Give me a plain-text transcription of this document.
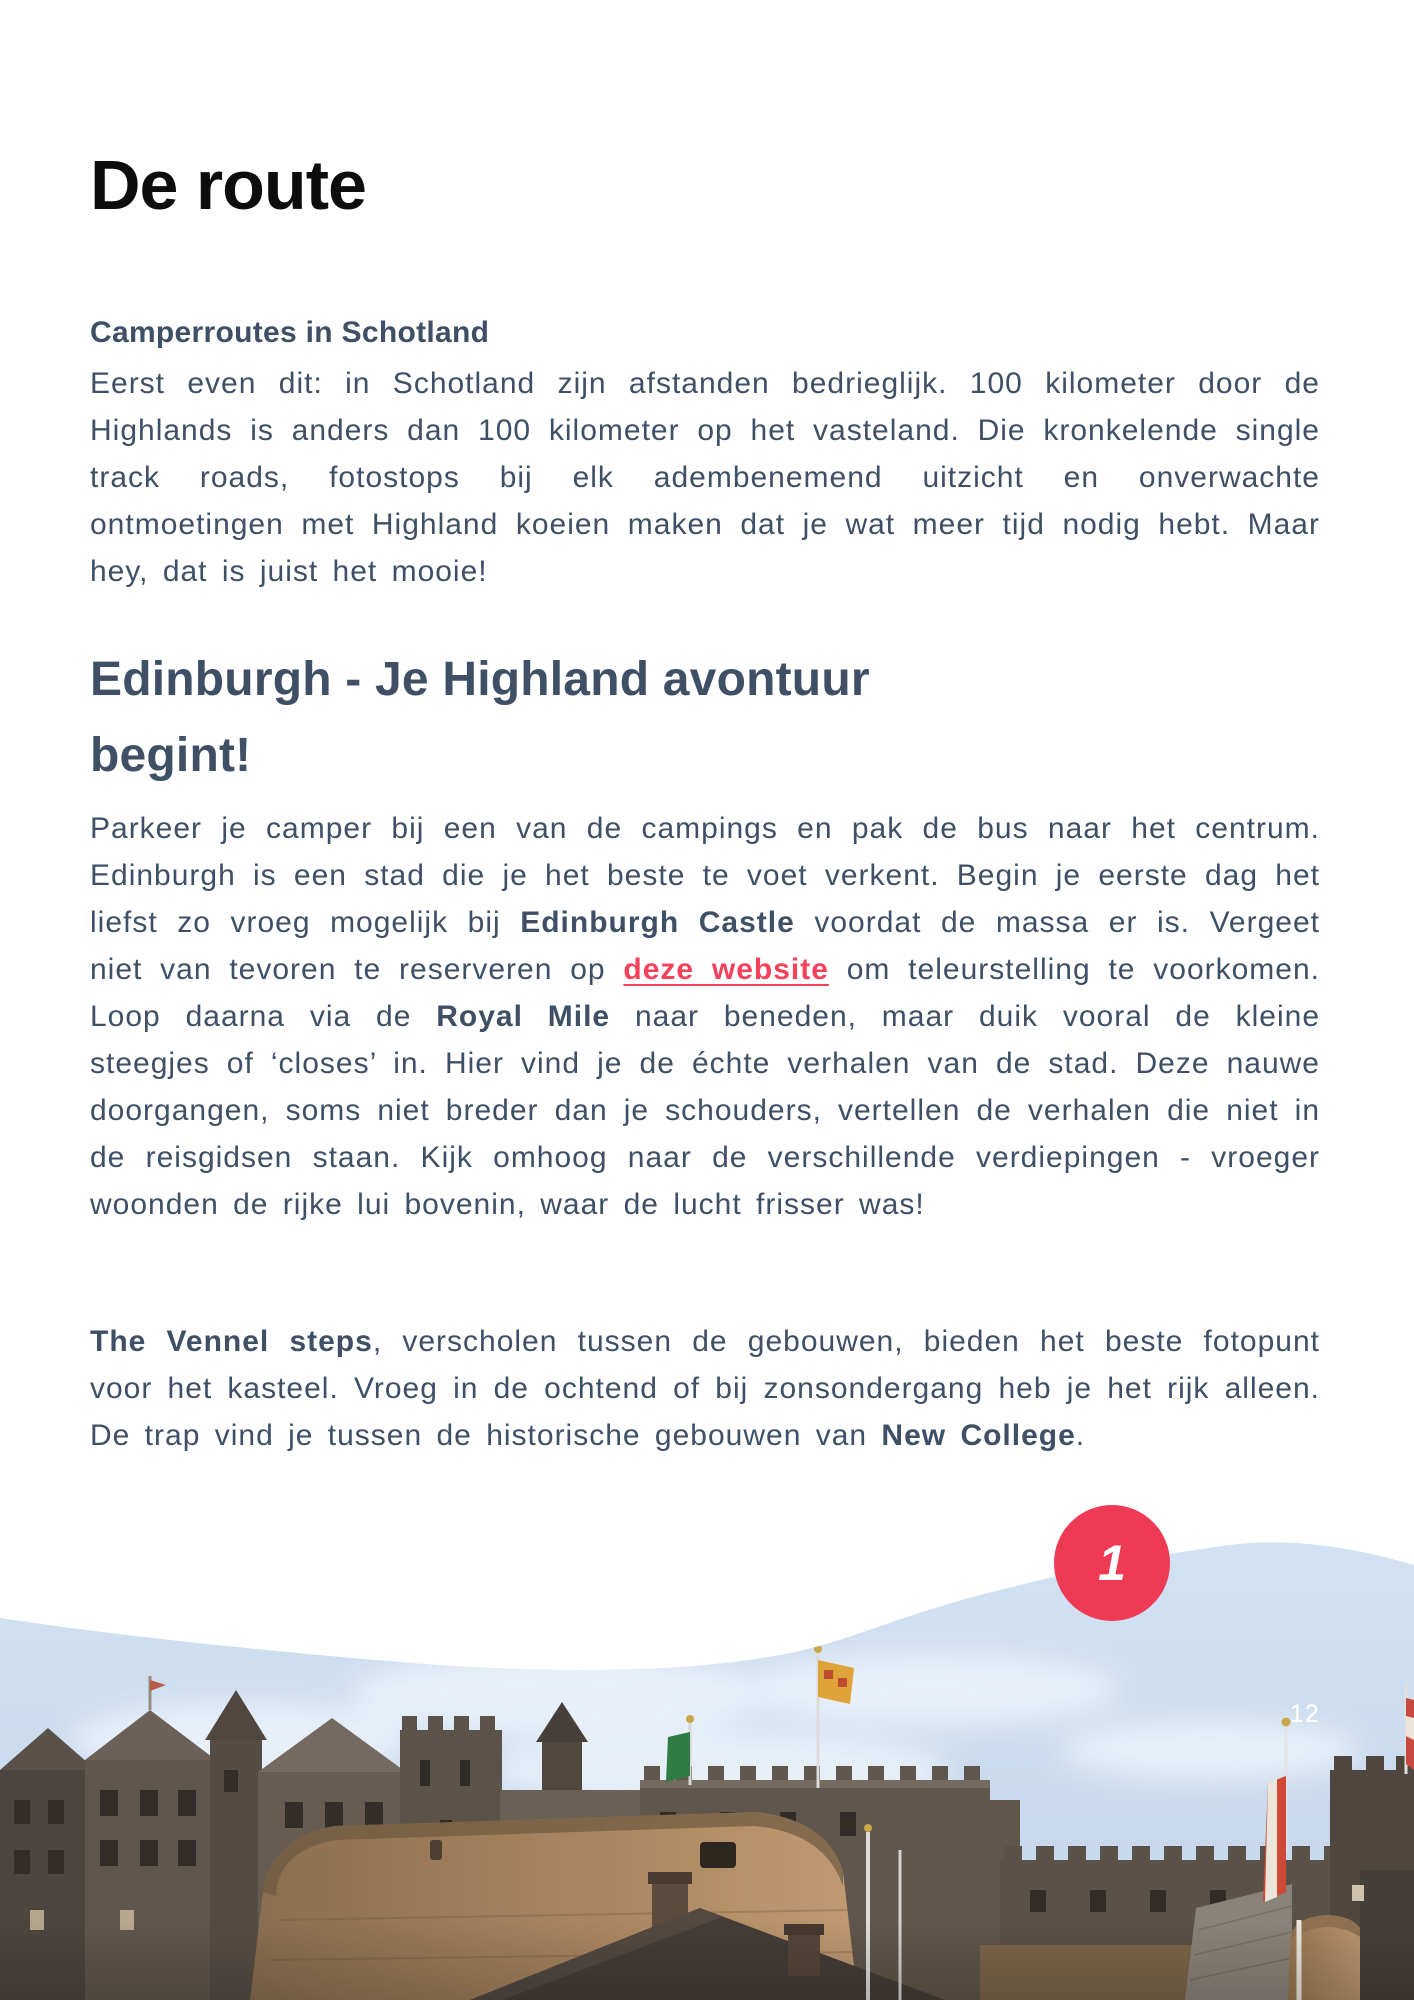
De route
Camperroutes in Schotland
Eerst even dit: in Schotland zijn afstanden bedrieglijk. 100 kilometer door de Highlands is anders dan 100 kilometer op het vasteland. Die kronkelende single track roads, fotostops bij elk adembenemend uitzicht en onverwachte ontmoetingen met Highland koeien maken dat je wat meer tijd nodig hebt. Maar hey, dat is juist het mooie!
Edinburgh - Je Highland avontuur
begint!
Parkeer je camper bij een van de campings en pak de bus naar het centrum. Edinburgh is een stad die je het beste te voet verkent. Begin je eerste dag het liefst zo vroeg mogelijk bij Edinburgh Castle voordat de massa er is. Vergeet niet van tevoren te reserveren op deze website om teleurstelling te voorkomen. Loop daarna via de Royal Mile naar beneden, maar duik vooral de kleine steegjes of ‘closes’ in. Hier vind je de échte verhalen van de stad. Deze nauwe doorgangen, soms niet breder dan je schouders, vertellen de verhalen die niet in de reisgidsen staan. Kijk omhoog naar de verschillende verdiepingen - vroeger woonden de rijke lui bovenin, waar de lucht frisser was!
The Vennel steps, verscholen tussen de gebouwen, bieden het beste fotopunt voor het kasteel. Vroeg in de ochtend of bij zonsondergang heb je het rijk alleen. De trap vind je tussen de historische gebouwen van New College.
1
12
